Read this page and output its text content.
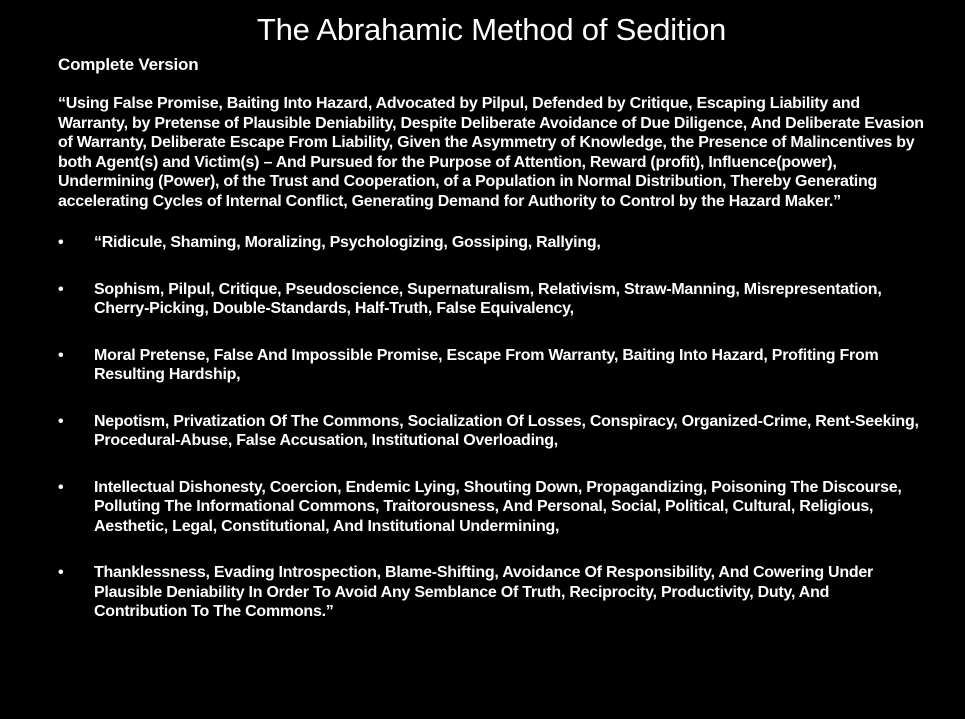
The Abrahamic Method of Sedition
Complete Version

“Using False Promise, Baiting Into Hazard, Advocated by Pilpul, Defended by Critique, Escaping Liability and Warranty, by Pretense of Plausible Deniability, Despite Deliberate Avoidance of Due Diligence, And Deliberate Evasion of Warranty, Deliberate Escape From Liability, Given the Asymmetry of Knowledge, the Presence of Malincentives by both Agent(s) and Victim(s) – And Pursued for the Purpose of Attention, Reward (profit), Influence(power), Undermining (Power), of the Trust and Cooperation, of a Population in Normal Distribution, Thereby Generating accelerating Cycles of Internal Conflict, Generating Demand for Authority to Control by the Hazard Maker.”

• “Ridicule, Shaming, Moralizing, Psychologizing, Gossiping, Rallying,
• Sophism, Pilpul, Critique, Pseudoscience, Supernaturalism, Relativism, Straw-Manning, Misrepresentation, Cherry-Picking, Double-Standards, Half-Truth, False Equivalency,
• Moral Pretense, False And Impossible Promise, Escape From Warranty, Baiting Into Hazard, Profiting From Resulting Hardship,
• Nepotism, Privatization Of The Commons, Socialization Of Losses, Conspiracy, Organized-Crime, Rent-Seeking, Procedural-Abuse, False Accusation, Institutional Overloading,
• Intellectual Dishonesty, Coercion, Endemic Lying, Shouting Down, Propagandizing, Poisoning The Discourse, Polluting The Informational Commons, Traitorousness, And Personal, Social, Political, Cultural, Religious, Aesthetic, Legal, Constitutional, And Institutional Undermining,
• Thanklessness, Evading Introspection, Blame-Shifting, Avoidance Of Responsibility, And Cowering Under Plausible Deniability In Order To Avoid Any Semblance Of Truth, Reciprocity, Productivity, Duty, And Contribution To The Commons.”
